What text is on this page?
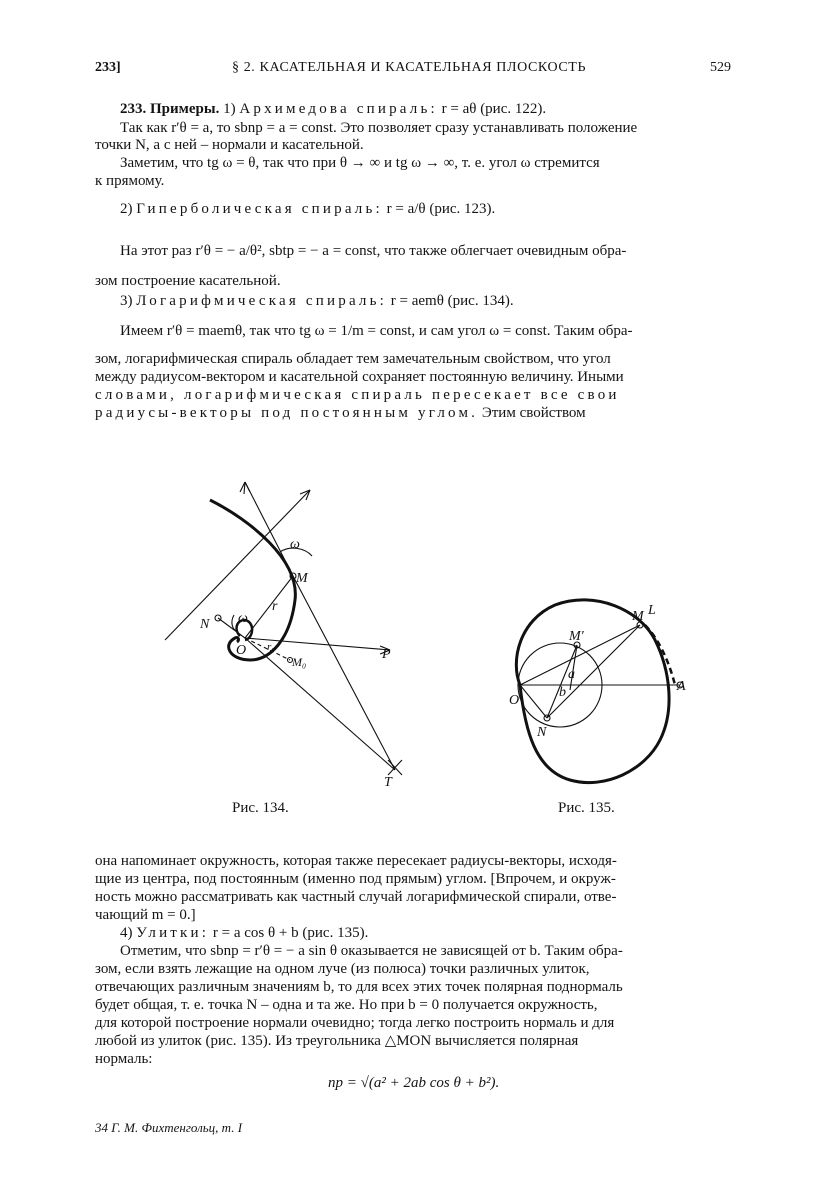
233]	§ 2. КАСАТЕЛЬНАЯ И КАСАТЕЛЬНАЯ ПЛОСКОСТЬ	529
233. Примеры. 1) Архимедова спираль: r = aθ (рис. 122).
Так как r′θ = a, то sbnp = a = const. Это позволяет сразу устанавливать положение
точки N, а с ней – нормали и касательной.
Заметим, что tg ω = θ, так что при θ → ∞ и tg ω → ∞, т. е. угол ω стремится
к прямому.
2) Гиперболическая спираль: r = a/θ (рис. 123).
На этот раз r′θ = − a/θ², sbtp = − a = const, что также облегчает очевидным обра-
зом построение касательной.
3) Логарифмическая спираль: r = aemθ (рис. 134).
Имеем r′θ = maemθ, так что tg ω = 1/m = const, и сам угол ω = const. Таким обра-
зом, логарифмическая спираль обладает тем замечательным свойством, что угол
между радиусом-вектором и касательной сохраняет постоянную величину. Иными
словами, логарифмическая спираль пересекает все свои
радиусы-векторы под постоянным углом. Этим свойством
ω
M
N ω
r
O r₀
M₀	P
T
M L
M′
a
b
O
N
A
Рис. 134.	Рис. 135.
она напоминает окружность, которая также пересекает радиусы-векторы, исходя-
щие из центра, под постоянным (именно под прямым) углом. [Впрочем, и окруж-
ность можно рассматривать как частный случай логарифмической спирали, отве-
чающий m = 0.]
4) Улитки: r = a cos θ + b (рис. 135).
Отметим, что sbnp = r′θ = − a sin θ оказывается не зависящей от b. Таким обра-
зом, если взять лежащие на одном луче (из полюса) точки различных улиток,
отвечающих различным значениям b, то для всех этих точек полярная поднормаль
будет общая, т. е. точка N – одна и та же. Но при b = 0 получается окружность,
для которой построение нормали очевидно; тогда легко построить нормаль и для
любой из улиток (рис. 135). Из треугольника △MON вычисляется полярная
нормаль:
np = √(a² + 2ab cos θ + b²).
34 Г. М. Фихтенгольц, т. I
